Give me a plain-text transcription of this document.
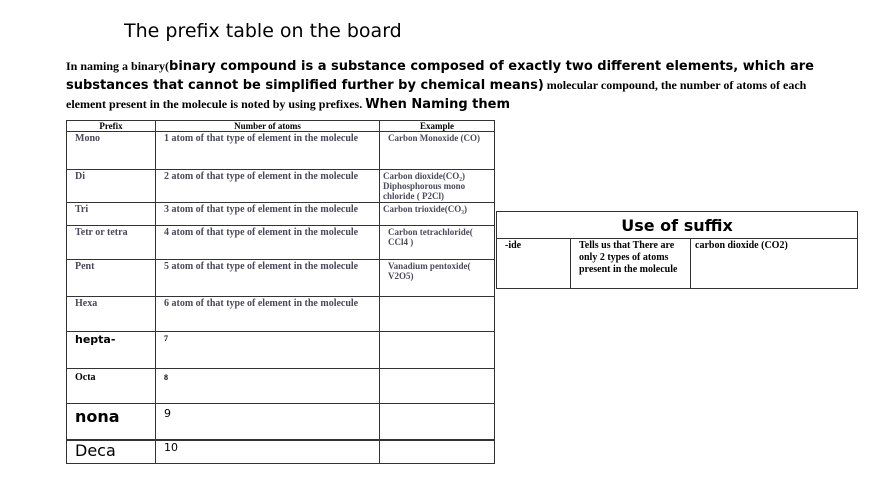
The prefix table on the board
In naming a binary(binary compound is a substance composed of exactly two different elements, which are substances that cannot be simplified further by chemical means) molecular compound, the number of atoms of each element present in the molecule is noted by using prefixes. When Naming them
Prefix	Number of atoms	Example
Mono	1 atom of that type of element in the molecule	Carbon Monoxide (CO)
Di	2 atom of that type of element in the molecule	Carbon dioxide(CO₂) Diphosphorous mono chloride ( P2Cl)
Tri	3 atom of that type of element in the molecule	Carbon trioxide(CO₃)
Tetr or tetra	4 atom of that type of element in the molecule	Carbon tetrachloride( CCl4 )
Pent	5 atom of that type of element in the molecule	Vanadium pentoxide( V2O5)
Hexa	6 atom of that type of element in the molecule	
hepta-	7	
Octa	8	
nona	9	
Deca	10	
Use of suffix
-ide	Tells us that There are only 2 types of atoms present in the molecule	carbon dioxide (CO2)
